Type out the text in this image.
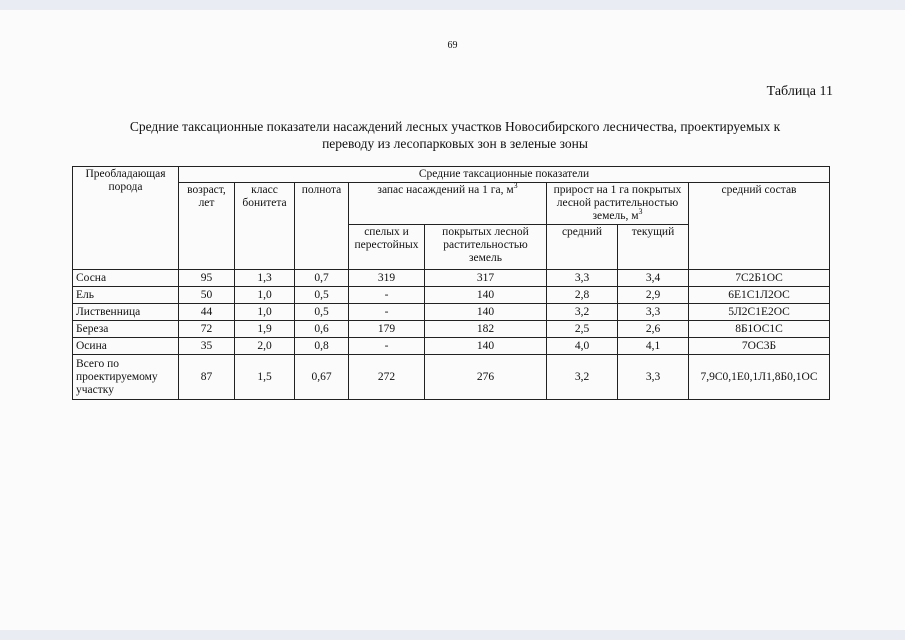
69
Таблица 11
Средние таксационные показатели насаждений лесных участков Новосибирского лесничества, проектируемых к
переводу из лесопарковых зон в зеленые зоны
Преобладающая порода	Средние таксационные показатели							
	возраст, лет	класс бонитета	полнота	запас насаждений на 1 га, $м^3$		прирост на 1 га покрытых лесной растительностью земель, $м^3$		средний состав
				спелых и перестойных	покрытых лесной растительностью земель	средний	текущий	
Сосна	95	1,3	0,7	319	317	3,3	3,4	7С2Б1ОС
Ель	50	1,0	0,5	-	140	2,8	2,9	6Е1С1Л2ОС
Лиственница	44	1,0	0,5	-	140	3,2	3,3	5Л2С1Е2ОС
Береза	72	1,9	0,6	179	182	2,5	2,6	8Б1ОС1С
Осина	35	2,0	0,8	-	140	4,0	4,1	7ОС3Б
Всего по проектируемому участку	87	1,5	0,67	272	276	3,2	3,3	7,9С0,1Е0,1Л1,8Б0,1ОС
